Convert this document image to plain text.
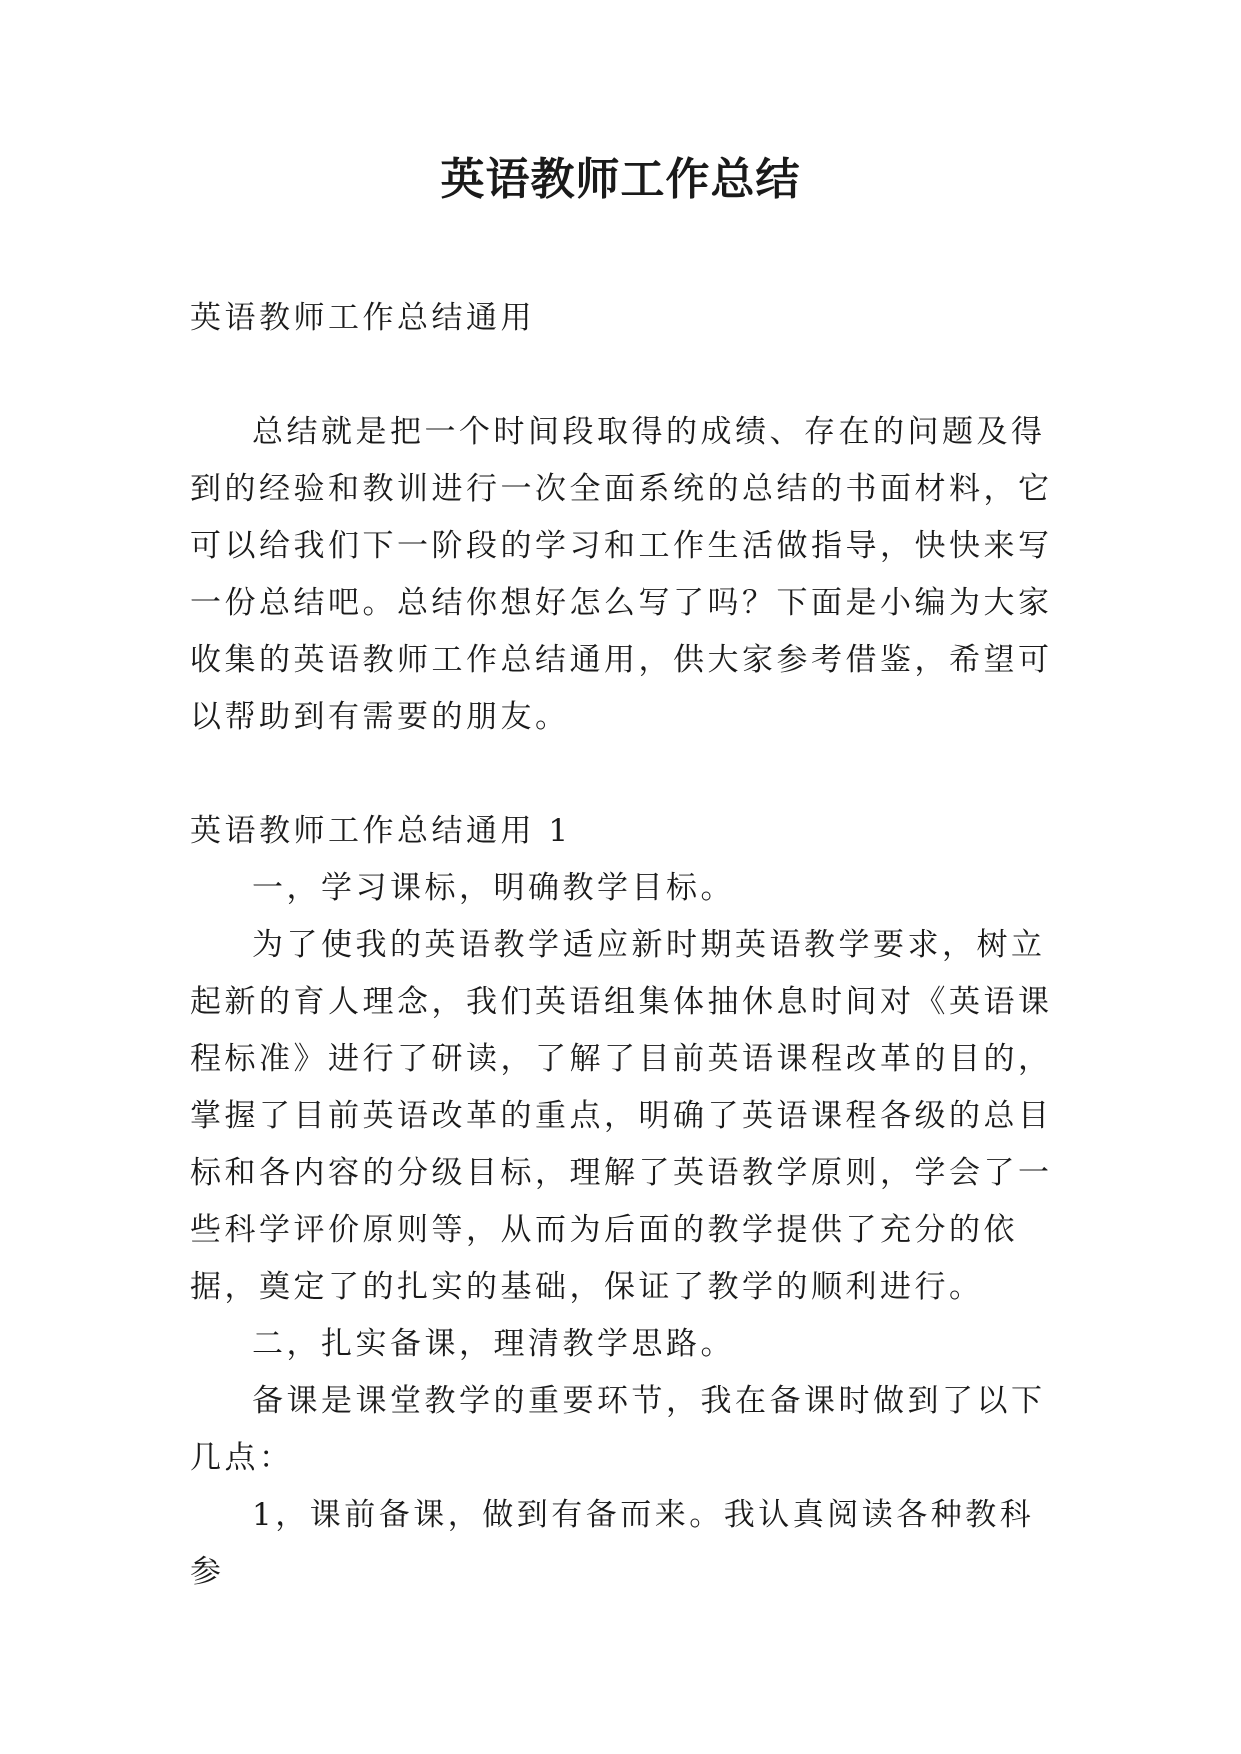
英语教师工作总结

英语教师工作总结通用

总结就是把一个时间段取得的成绩、存在的问题及得到的经验和教训进行一次全面系统的总结的书面材料，它可以给我们下一阶段的学习和工作生活做指导，快快来写一份总结吧。总结你想好怎么写了吗？下面是小编为大家收集的英语教师工作总结通用，供大家参考借鉴，希望可以帮助到有需要的朋友。

英语教师工作总结通用 1

一，学习课标，明确教学目标。

为了使我的英语教学适应新时期英语教学要求，树立起新的育人理念，我们英语组集体抽休息时间对《英语课程标准》进行了研读，了解了目前英语课程改革的目的，掌握了目前英语改革的重点，明确了英语课程各级的总目标和各内容的分级目标，理解了英语教学原则，学会了一些科学评价原则等，从而为后面的教学提供了充分的依据，奠定了的扎实的基础，保证了教学的顺利进行。

二，扎实备课，理清教学思路。

备课是课堂教学的重要环节，我在备课时做到了以下几点：

1，课前备课，做到有备而来。我认真阅读各种教科参
